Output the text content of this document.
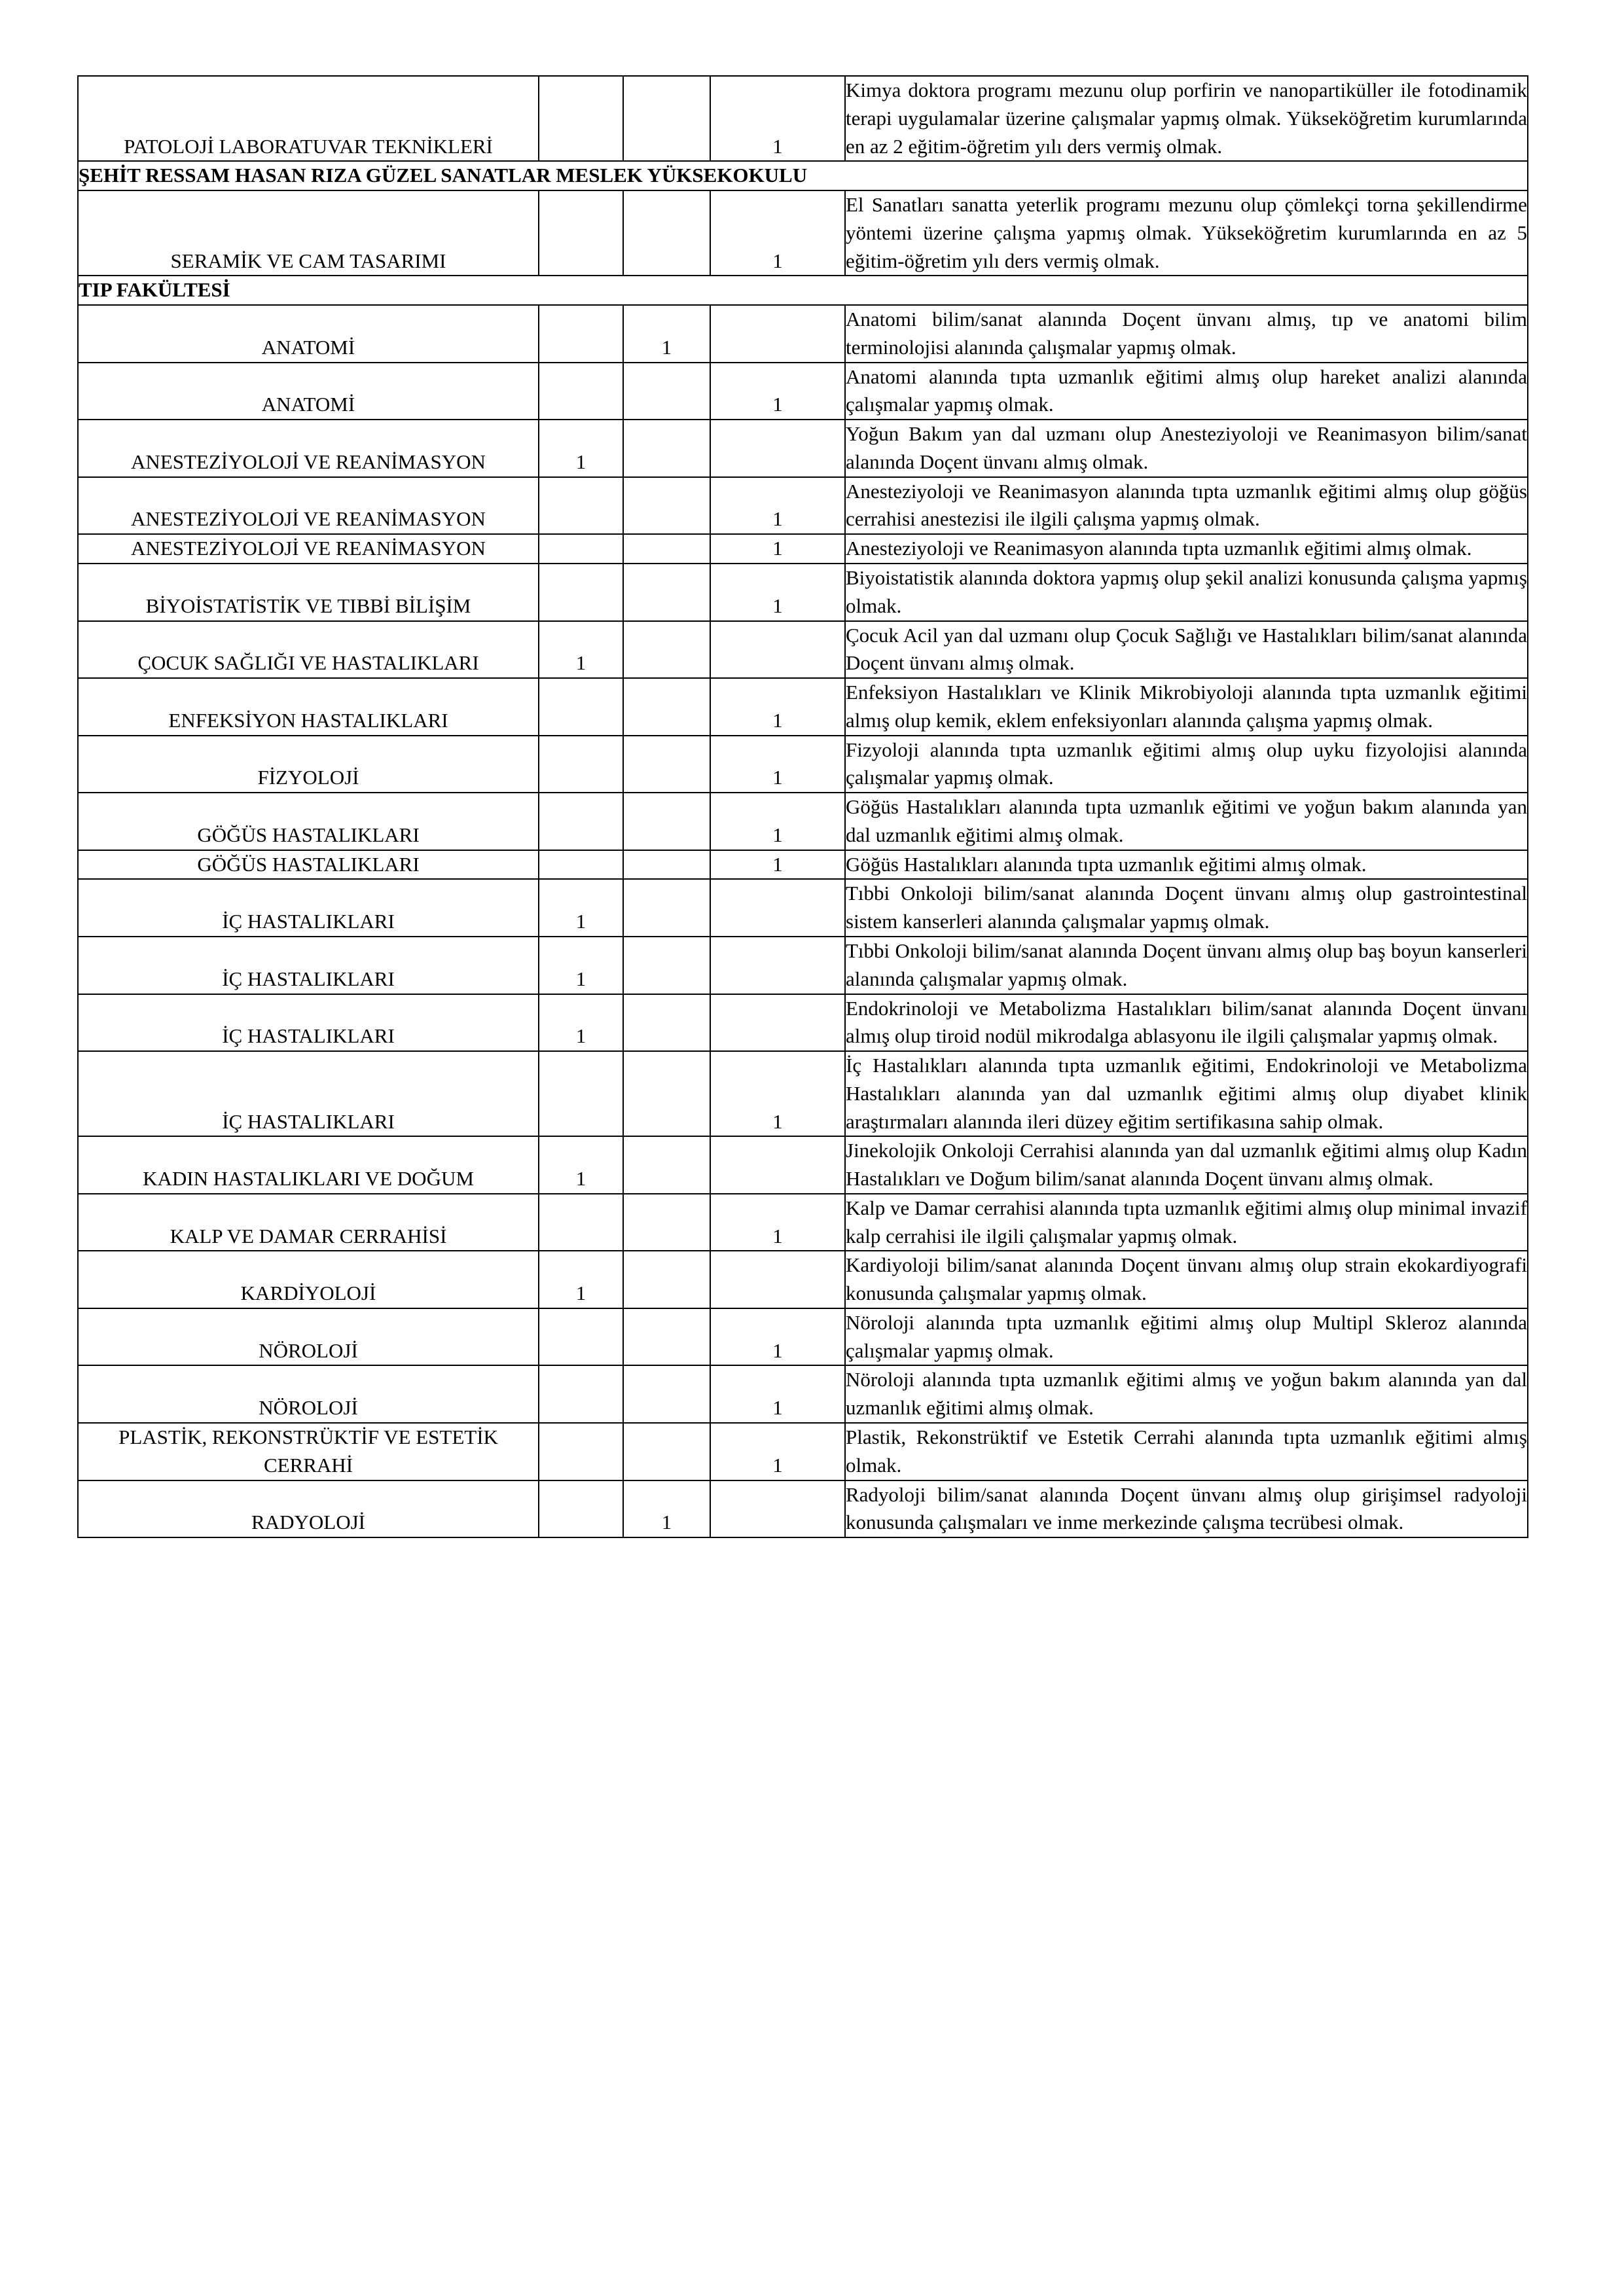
PATOLOJİ LABORATUVAR TEKNİKLERİ			1	Kimya doktora programı mezunu olup porfirin ve nanopartiküller ile fotodinamik terapi uygulamalar üzerine çalışmalar yapmış olmak. Yükseköğretim kurumlarında en az 2 eğitim-öğretim yılı ders vermiş olmak.
ŞEHİT RESSAM HASAN RIZA GÜZEL SANATLAR MESLEK YÜKSEKOKULU				
SERAMİK VE CAM TASARIMI			1	El Sanatları sanatta yeterlik programı mezunu olup çömlekçi torna şekillendirme yöntemi üzerine çalışma yapmış olmak. Yükseköğretim kurumlarında en az 5 eğitim-öğretim yılı ders vermiş olmak.
TIP FAKÜLTESİ				
ANATOMİ		1		Anatomi bilim/sanat alanında Doçent ünvanı almış, tıp ve anatomi bilim terminolojisi alanında çalışmalar yapmış olmak.
ANATOMİ			1	Anatomi alanında tıpta uzmanlık eğitimi almış olup hareket analizi alanında çalışmalar yapmış olmak.
ANESTEZİYOLOJİ VE REANİMASYON	1			Yoğun Bakım yan dal uzmanı olup Anesteziyoloji ve Reanimasyon bilim/sanat alanında Doçent ünvanı almış olmak.
ANESTEZİYOLOJİ VE REANİMASYON			1	Anesteziyoloji ve Reanimasyon alanında tıpta uzmanlık eğitimi almış olup göğüs cerrahisi anestezisi ile ilgili çalışma yapmış olmak.
ANESTEZİYOLOJİ VE REANİMASYON			1	Anesteziyoloji ve Reanimasyon alanında tıpta uzmanlık eğitimi almış olmak.
BİYOİSTATİSTİK VE TIBBİ BİLİŞİM			1	Biyoistatistik alanında doktora yapmış olup şekil analizi konusunda çalışma yapmış olmak.
ÇOCUK SAĞLIĞI VE HASTALIKLARI	1			Çocuk Acil yan dal uzmanı olup Çocuk Sağlığı ve Hastalıkları bilim/sanat alanında Doçent ünvanı almış olmak.
ENFEKSİYON HASTALIKLARI			1	Enfeksiyon Hastalıkları ve Klinik Mikrobiyoloji alanında tıpta uzmanlık eğitimi almış olup kemik, eklem enfeksiyonları alanında çalışma yapmış olmak.
FİZYOLOJİ			1	Fizyoloji alanında tıpta uzmanlık eğitimi almış olup uyku fizyolojisi alanında çalışmalar yapmış olmak.
GÖĞÜS HASTALIKLARI			1	Göğüs Hastalıkları alanında tıpta uzmanlık eğitimi ve yoğun bakım alanında yan dal uzmanlık eğitimi almış olmak.
GÖĞÜS HASTALIKLARI			1	Göğüs Hastalıkları alanında tıpta uzmanlık eğitimi almış olmak.
İÇ HASTALIKLARI	1			Tıbbi Onkoloji bilim/sanat alanında Doçent ünvanı almış olup gastrointestinal sistem kanserleri alanında çalışmalar yapmış olmak.
İÇ HASTALIKLARI	1			Tıbbi Onkoloji bilim/sanat alanında Doçent ünvanı almış olup baş boyun kanserleri alanında çalışmalar yapmış olmak.
İÇ HASTALIKLARI	1			Endokrinoloji ve Metabolizma Hastalıkları bilim/sanat alanında Doçent ünvanı almış olup tiroid nodül mikrodalga ablasyonu ile ilgili çalışmalar yapmış olmak.
İÇ HASTALIKLARI			1	İç Hastalıkları alanında tıpta uzmanlık eğitimi, Endokrinoloji ve Metabolizma Hastalıkları alanında yan dal uzmanlık eğitimi almış olup diyabet klinik araştırmaları alanında ileri düzey eğitim sertifikasına sahip olmak.
KADIN HASTALIKLARI VE DOĞUM	1			Jinekolojik Onkoloji Cerrahisi alanında yan dal uzmanlık eğitimi almış olup Kadın Hastalıkları ve Doğum bilim/sanat alanında Doçent ünvanı almış olmak.
KALP VE DAMAR CERRAHİSİ			1	Kalp ve Damar cerrahisi alanında tıpta uzmanlık eğitimi almış olup minimal invazif kalp cerrahisi ile ilgili çalışmalar yapmış olmak.
KARDİYOLOJİ	1			Kardiyoloji bilim/sanat alanında Doçent ünvanı almış olup strain ekokardiyografi konusunda çalışmalar yapmış olmak.
NÖROLOJİ			1	Nöroloji alanında tıpta uzmanlık eğitimi almış olup Multipl Skleroz alanında çalışmalar yapmış olmak.
NÖROLOJİ			1	Nöroloji alanında tıpta uzmanlık eğitimi almış ve yoğun bakım alanında yan dal uzmanlık eğitimi almış olmak.
PLASTİK, REKONSTRÜKTİF VE ESTETİK CERRAHİ			1	Plastik, Rekonstrüktif ve Estetik Cerrahi alanında tıpta uzmanlık eğitimi almış olmak.
RADYOLOJİ		1		Radyoloji bilim/sanat alanında Doçent ünvanı almış olup girişimsel radyoloji konusunda çalışmaları ve inme merkezinde çalışma tecrübesi olmak.
